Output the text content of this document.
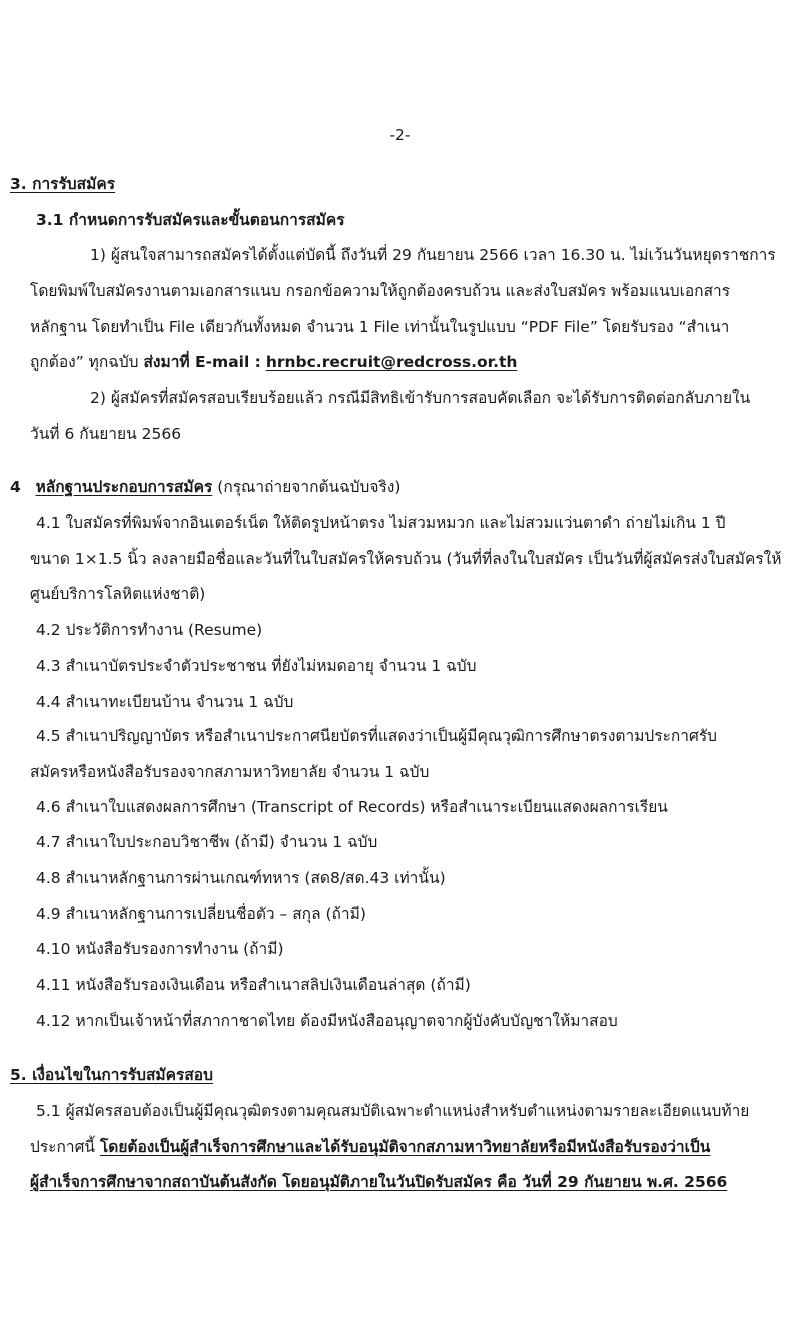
-2-
3. การรับสมัคร
3.1 กำหนดการรับสมัครและขั้นตอนการสมัคร
1) ผู้สนใจสามารถสมัครได้ตั้งแต่บัดนี้ ถึงวันที่ 29 กันยายน 2566 เวลา 16.30 น. ไม่เว้นวันหยุดราชการ
โดยพิมพ์ใบสมัครงานตามเอกสารแนบ กรอกข้อความให้ถูกต้องครบถ้วน และส่งใบสมัคร พร้อมแนบเอกสาร
หลักฐาน โดยทำเป็น File เดียวกันทั้งหมด จำนวน 1 File เท่านั้นในรูปแบบ “PDF File” โดยรับรอง “สำเนา
ถูกต้อง” ทุกฉบับ ส่งมาที่ E-mail : hrnbc.recruit@redcross.or.th
2) ผู้สมัครที่สมัครสอบเรียบร้อยแล้ว กรณีมีสิทธิเข้ารับการสอบคัดเลือก จะได้รับการติดต่อกลับภายใน
วันที่ 6 กันยายน 2566
4 หลักฐานประกอบการสมัคร (กรุณาถ่ายจากต้นฉบับจริง)
4.1 ใบสมัครที่พิมพ์จากอินเตอร์เน็ต ให้ติดรูปหน้าตรง ไม่สวมหมวก และไม่สวมแว่นตาดำ ถ่ายไม่เกิน 1 ปี
ขนาด 1×1.5 นิ้ว ลงลายมือชื่อและวันที่ในใบสมัครให้ครบถ้วน (วันที่ที่ลงในใบสมัคร เป็นวันที่ผู้สมัครส่งใบสมัครให้
ศูนย์บริการโลหิตแห่งชาติ)
4.2 ประวัติการทำงาน (Resume)
4.3 สำเนาบัตรประจำตัวประชาชน ที่ยังไม่หมดอายุ จำนวน 1 ฉบับ
4.4 สำเนาทะเบียนบ้าน จำนวน 1 ฉบับ
4.5 สำเนาปริญญาบัตร หรือสำเนาประกาศนียบัตรที่แสดงว่าเป็นผู้มีคุณวุฒิการศึกษาตรงตามประกาศรับ
สมัครหรือหนังสือรับรองจากสภามหาวิทยาลัย จำนวน 1 ฉบับ
4.6 สำเนาใบแสดงผลการศึกษา (Transcript of Records) หรือสำเนาระเบียนแสดงผลการเรียน
4.7 สำเนาใบประกอบวิชาชีพ (ถ้ามี) จำนวน 1 ฉบับ
4.8 สำเนาหลักฐานการผ่านเกณฑ์ทหาร (สด8/สด.43 เท่านั้น)
4.9 สำเนาหลักฐานการเปลี่ยนชื่อตัว – สกุล (ถ้ามี)
4.10 หนังสือรับรองการทำงาน (ถ้ามี)
4.11 หนังสือรับรองเงินเดือน หรือสำเนาสลิปเงินเดือนล่าสุด (ถ้ามี)
4.12 หากเป็นเจ้าหน้าที่สภากาชาดไทย ต้องมีหนังสืออนุญาตจากผู้บังคับบัญชาให้มาสอบ
5. เงื่อนไขในการรับสมัครสอบ
5.1 ผู้สมัครสอบต้องเป็นผู้มีคุณวุฒิตรงตามคุณสมบัติเฉพาะตำแหน่งสำหรับตำแหน่งตามรายละเอียดแนบท้าย
ประกาศนี้ โดยต้องเป็นผู้สำเร็จการศึกษาและได้รับอนุมัติจากสภามหาวิทยาลัยหรือมีหนังสือรับรองว่าเป็น
ผู้สำเร็จการศึกษาจากสถาบันต้นสังกัด โดยอนุมัติภายในวันปิดรับสมัคร คือ วันที่ 29 กันยายน พ.ศ. 2566
